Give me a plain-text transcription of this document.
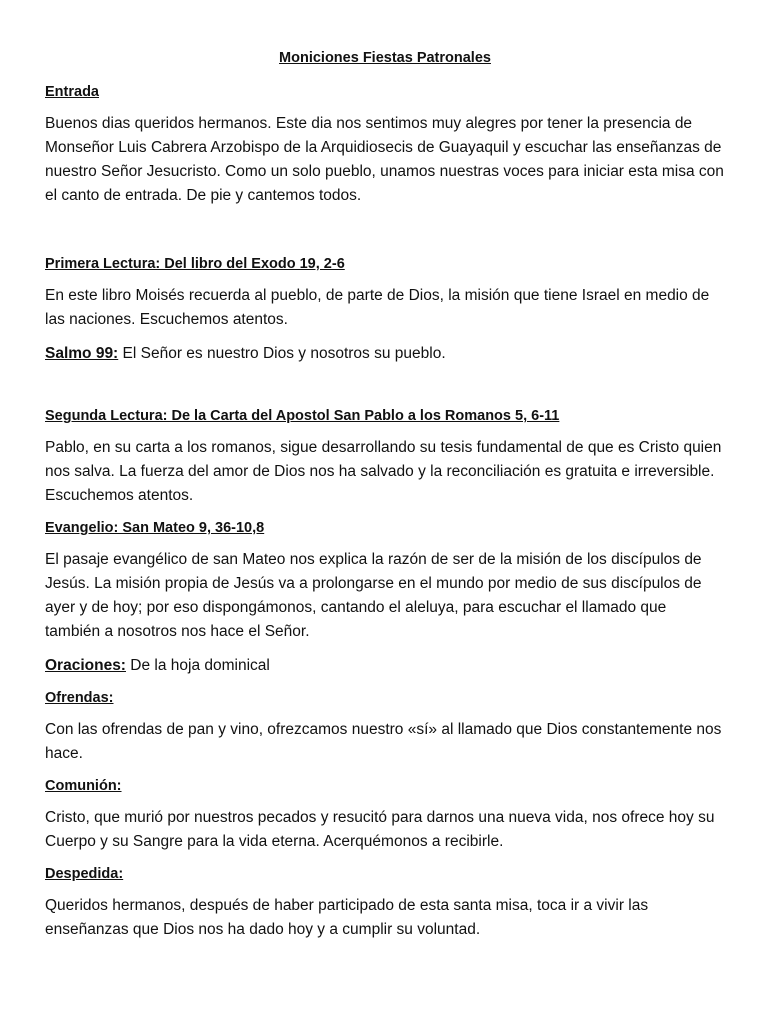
Moniciones Fiestas Patronales
Entrada
Buenos dias queridos hermanos. Este dia nos sentimos muy alegres por tener la presencia de Monseñor Luis Cabrera Arzobispo de la Arquidiosecis de Guayaquil y escuchar las enseñanzas de nuestro Señor Jesucristo. Como un solo pueblo, unamos nuestras voces para iniciar esta misa con el canto de entrada. De pie y cantemos todos.
Primera Lectura: Del libro del Exodo 19, 2-6
En este libro Moisés recuerda al pueblo, de parte de Dios, la misión que tiene Israel en medio de las naciones. Escuchemos atentos.
Salmo 99: El Señor es nuestro Dios y nosotros su pueblo.
Segunda Lectura: De la Carta del Apostol San Pablo a los Romanos 5, 6-11
Pablo, en su carta a los romanos, sigue desarrollando su tesis fundamental de que es Cristo quien nos salva. La fuerza del amor de Dios nos ha salvado y la reconciliación es gratuita e irreversible. Escuchemos atentos.
Evangelio: San Mateo 9, 36-10,8
El pasaje evangélico de san Mateo nos explica la razón de ser de la misión de los discípulos de Jesús. La misión propia de Jesús va a prolongarse en el mundo por medio de sus discípulos de ayer y de hoy; por eso dispongámonos, cantando el aleluya, para escuchar el llamado que también a nosotros nos hace el Señor.
Oraciones: De la hoja dominical
Ofrendas:
Con las ofrendas de pan y vino, ofrezcamos nuestro «sí» al llamado que Dios constantemente nos hace.
Comunión:
Cristo, que murió por nuestros pecados y resucitó para darnos una nueva vida, nos ofrece hoy su Cuerpo y su Sangre para la vida eterna. Acerquémonos a recibirle.
Despedida:
Queridos hermanos, después de haber participado de esta santa misa, toca ir a vivir las enseñanzas que Dios nos ha dado hoy y a cumplir su voluntad.
